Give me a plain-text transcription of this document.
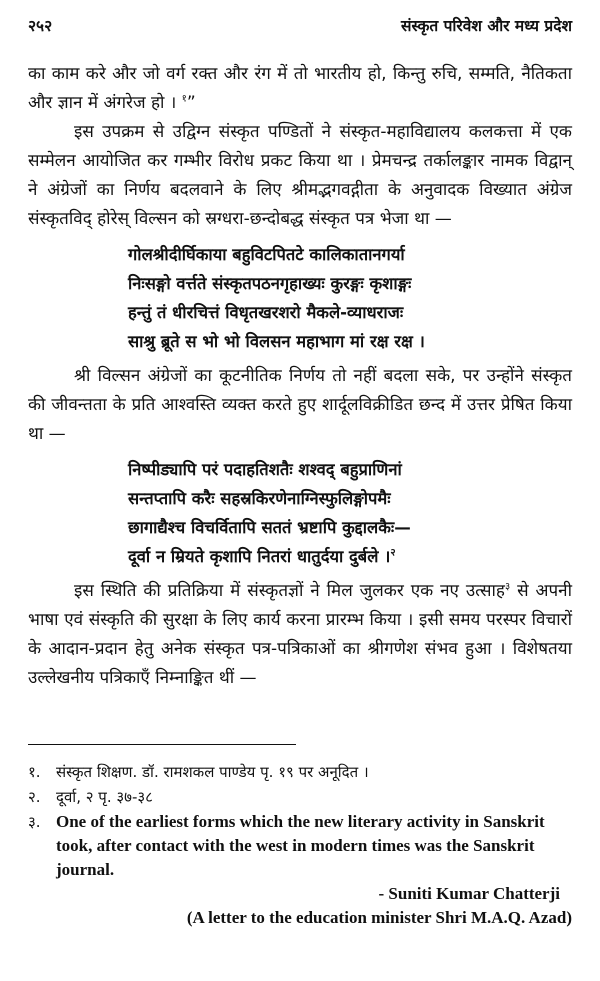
२५२	संस्कृत परिवेश और मध्य प्रदेश

का काम करे और जो वर्ग रक्त और रंग में तो भारतीय हो, किन्तु रुचि, सम्मति, नैतिकता और ज्ञान में अंगरेज हो । $^१$”

इस उपक्रम से उद्विग्न संस्कृत पण्डितों ने संस्कृत-महाविद्यालय कलकत्ता में एक सम्मेलन आयोजित कर गम्भीर विरोध प्रकट किया था । प्रेमचन्द्र तर्कालङ्कार नामक विद्वान् ने अंग्रेजों का निर्णय बदलवाने के लिए श्रीमद्भगवद्गीता के अनुवादक विख्यात अंग्रेज संस्कृतविद् होरेस् विल्सन को स्रग्धरा-छन्दोबद्ध संस्कृत पत्र भेजा था —

गोलश्रीदीर्घिकाया बहुविटपितटे कालिकातानगर्या
निःसङ्गो वर्त्तते संस्कृतपठनगृहाख्यः कुरङ्गः कृशाङ्गः
हन्तुं तं धीरचित्तं विधृतखरशरो मैकले-व्याधराजः
साश्रु ब्रूते स भो भो विलसन महाभाग मां रक्ष रक्ष ।

श्री विल्सन अंग्रेजों का कूटनीतिक निर्णय तो नहीं बदला सके, पर उन्होंने संस्कृत की जीवन्तता के प्रति आश्वस्ति व्यक्त करते हुए शार्दूलविक्रीडित छन्द में उत्तर प्रेषित किया था —

निष्पीड्यापि परं पदाहतिशतैः शश्वद् बहुप्राणिनां
सन्तप्तापि करैः सहस्रकिरणेनाग्निस्फुलिङ्गोपमैः
छागाद्यैश्च विचर्वितापि सततं भ्रष्टापि कुद्दालकैः—
दूर्वा न म्रियते कृशापि नितरां धातुर्दया दुर्बले ।$^२$

इस स्थिति की प्रतिक्रिया में संस्कृतज्ञों ने मिल जुलकर एक नए उत्साह$^३$ से अपनी भाषा एवं संस्कृति की सुरक्षा के लिए कार्य करना प्रारम्भ किया । इसी समय परस्पर विचारों के आदान-प्रदान हेतु अनेक संस्कृत पत्र-पत्रिकाओं का श्रीगणेश संभव हुआ । विशेषतया उल्लेखनीय पत्रिकाएँ निम्नाङ्कित थीं —

१.	संस्कृत शिक्षण. डॉ. रामशकल पाण्डेय पृ. १९ पर अनूदित ।
२.	दूर्वा, २ पृ. ३७-३८
३. One of the earliest forms which the new literary activity in Sanskrit took, after contact with the west in modern times was the Sanskrit journal.
- Suniti Kumar Chatterji
(A letter to the education minister Shri M.A.Q. Azad)
